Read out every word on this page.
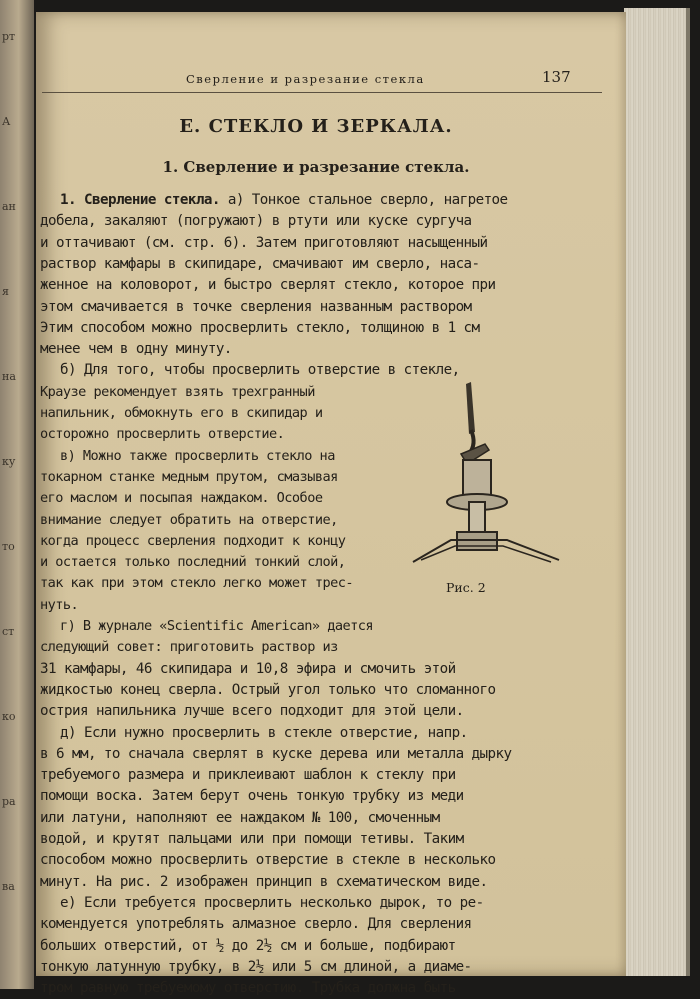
рт
А
ан
я
на
ку
то
ст
ко
ра
ва
Сверление и разрезание стекла	137
Е. СТЕКЛО И ЗЕРКАЛА.
1. Сверление и разрезание стекла.
1. Сверление стекла. а) Тонкое стальное сверло, нагретое
добела, закаляют (погружают) в ртути или куске сургуча
и оттачивают (см. стр. 6). Затем приготовляют насыщенный
раствор камфары в скипидаре, смачивают им сверло, наса-
женное на коловорот, и быстро сверлят стекло, которое при
этом смачивается в точке сверления названным раствором
Этим способом можно просверлить стекло, толщиною в 1 см
менее чем в одну минуту.
б) Для того, чтобы просверлить отверстие в стекле,
Краузе рекомендует взять трехгранный
напильник, обмокнуть его в скипидар и
осторожно просверлить отверстие.
в) Можно также просверлить стекло на
токарном станке медным прутом, смазывая
его маслом и посыпая наждаком. Особое
внимание следует обратить на отверстие,
когда процесс сверления подходит к концу
и остается только последний тонкий слой,
так как при этом стекло легко может трес-
нуть.
г) В журнале «Scientific American» дается
следующий совет: приготовить раствор из
31 камфары, 46 скипидара и 10,8 эфира и смочить этой
жидкостью конец сверла. Острый угол только что сломанного
острия напильника лучше всего подходит для этой цели.
д) Если нужно просверлить в стекле отверстие, напр.
в 6 мм, то сначала сверлят в куске дерева или металла дырку
требуемого размера и приклеивают шаблон к стеклу при
помощи воска. Затем берут очень тонкую трубку из меди
или латуни, наполняют ее наждаком № 100, смоченным
водой, и крутят пальцами или при помощи тетивы. Таким
способом можно просверлить отверстие в стекле в несколько
минут. На рис. 2 изображен принцип в схематическом виде.
е) Если требуется просверлить несколько дырок, то ре-
комендуется употреблять алмазное сверло. Для сверления
больших отверстий, от ½ до 2½ см и больше, подбирают
тонкую латунную трубку, в 2½ или 5 см длиной, а диаме-
тром равную требуемому отверстию. Трубка должна быть
Рис. 2
